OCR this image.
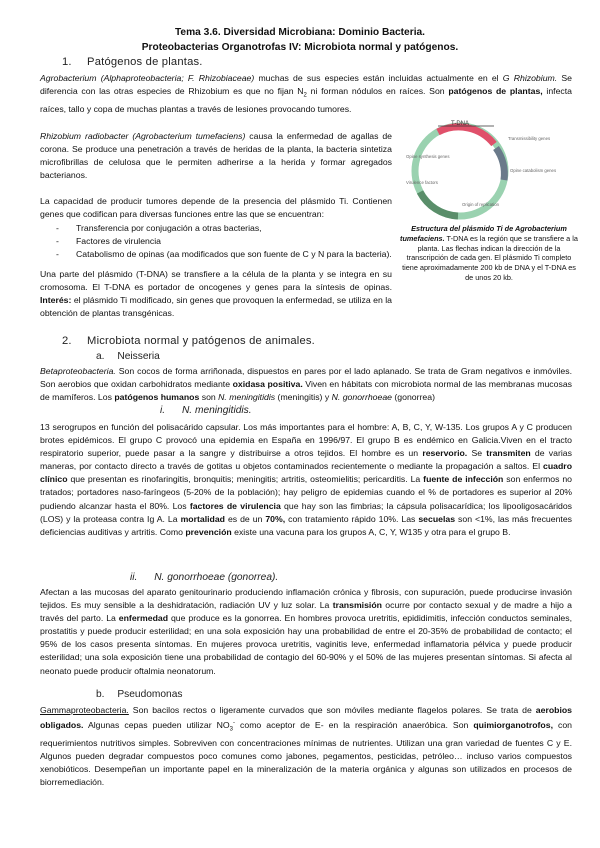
Tema 3.6. Diversidad Microbiana: Dominio Bacteria.
Proteobacterias Organotrofas IV: Microbiota normal y patógenos.
1. Patógenos de plantas.

Agrobacterium (Alphaproteobacteria; F. Rhizobiaceae) muchas de sus especies están incluidas actualmente en el G Rhizobium. Se diferencia con las otras especies de Rhizobium es que no fijan $N_2$ ni forman nódulos en raíces. Son patógenos de plantas, infecta raíces, tallo y copa de muchas plantas a través de lesiones provocando tumores.

Rhizobium radiobacter (Agrobacterium tumefaciens) causa la enfermedad de agallas de corona. Se produce una penetración a través de heridas de la planta, la bacteria sintetiza microfibrillas de celulosa que le permiten adherirse a la herida y formar agregados bacterianos.

La capacidad de producir tumores depende de la presencia del plásmido Ti. Contienen genes que codifican para diversas funciones entre las que se encuentran:

- Transferencia por conjugación a otras bacterias,
- Factores de virulencia
- Catabolismo de opinas (aa modificados que son fuente de C y N para la bacteria).

Una parte del plásmido (T-DNA) se transfiere a la célula de la planta y se integra en su cromosoma. El T-DNA es portador de oncogenes y genes para la síntesis de opinas. Interés: el plásmido Ti modificado, sin genes que provoquen la enfermedad, se utiliza en la obtención de plantas transgénicas.

T-DNA
Transmissibility genes
Opine catabolism genes
Opine synthesis genes
Origin of replication
Virulence factors

Estructura del plásmido Ti de Agrobacterium tumefaciens. T-DNA es la región que se transfiere a la planta. Las flechas indican la dirección de la transcripción de cada gen. El plásmido Ti completo tiene aproximadamente 200 kb de DNA y el T-DNA es de unos 20 kb.

2. Microbiota normal y patógenos de animales.
a. Neisseria

Betaproteobacteria. Son cocos de forma arriñonada, dispuestos en pares por el lado aplanado. Se trata de Gram negativos e inmóviles. Son aerobios que oxidan carbohidratos mediante oxidasa positiva. Viven en hábitats con microbiota normal de las membranas mucosas de mamíferos. Los patógenos humanos son N. meningitidis (meningitis) y N. gonorrhoeae (gonorrea)

i. N. meningitidis.

13 serogrupos en función del polisacárido capsular. Los más importantes para el hombre: A, B, C, Y, W-135. Los grupos A y C producen brotes epidémicos. El grupo C provocó una epidemia en España en 1996/97. El grupo B es endémico en Galicia.Viven en el tracto respiratorio superior, puede pasar a la sangre y distribuirse a otros tejidos. El hombre es un reservorio. Se transmiten de varias maneras, por contacto directo a través de gotitas u objetos contaminados recientemente o mediante la propagación a saltos. El cuadro clínico que presentan es rinofaringitis, bronquitis; meningitis; artritis, osteomielitis; pericarditis. La fuente de infección son enfermos no tratados; portadores naso-faríngeos (5-20% de la población); hay peligro de epidemias cuando el % de portadores es superior al 20% pudiendo alcanzar hasta el 80%. Los factores de virulencia que hay son las fimbrias; la cápsula polisacarídica; los lipooligosacáridos (LOS) y la proteasa contra Ig A. La mortalidad es de un 70%, con tratamiento rápido 10%. Las secuelas son <1%, las más frecuentes deficiencias auditivas y artritis. Como prevención existe una vacuna para los grupos A, C, Y, W135 y otra para el grupo B.

ii. N. gonorrhoeae (gonorrea).

Afectan a las mucosas del aparato genitourinario produciendo inflamación crónica y fibrosis, con supuración, puede producirse invasión tejidos. Es muy sensible a la deshidratación, radiación UV y luz solar. La transmisión ocurre por contacto sexual y de madre a hijo a través del parto. La enfermedad que produce es la gonorrea. En hombres provoca uretritis, epididimitis, infección conductos seminales, prostatitis y puede producir esterilidad; en una sola exposición hay una probabilidad de entre el 20-35% de probabilidad de contacto; el 95% de los casos presenta síntomas. En mujeres provoca uretritis, vaginitis leve, enfermedad inflamatoria pélvica y puede producir esterilidad; una sola exposición tiene una probabilidad de contagio del 60-90% y el 50% de las mujeres presentan síntomas. Si afecta al neonato puede producir oftalmia neonatorum.

b. Pseudomonas

Gammaproteobacteria. Son bacilos rectos o ligeramente curvados que son móviles mediante flagelos polares. Se trata de aerobios obligados. Algunas cepas pueden utilizar $NO_3^-$ como aceptor de E- en la respiración anaeróbica. Son quimiorganotrofos, con requerimientos nutritivos simples. Sobreviven con concentraciones mínimas de nutrientes. Utilizan una gran variedad de fuentes C y E. Algunos pueden degradar compuestos poco comunes como jabones, pegamentos, pesticidas, petróleo… incluso varios compuestos xenobióticos. Desempeñan un importante papel en la mineralización de la materia orgánica y algunas son utilizados en procesos de biorremediación.
